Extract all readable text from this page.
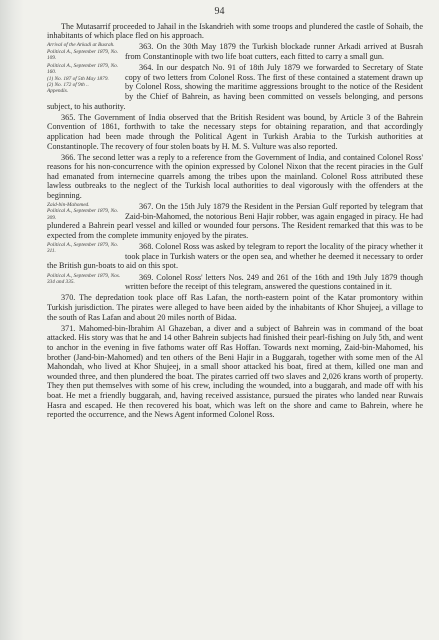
94

The Mutasarrif proceeded to Jahail in the Iskandrieh with some troops and plundered the castle of Sohaib, the inhabitants of which place fled on his approach.

Arrival of the Arkadi at Busrah.
Political A., September 1879, No. 109.

363. On the 30th May 1879 the Turkish blockade runner Arkadi arrived at Busrah from Constantinople with two life boat cutters, each fitted to carry a small gun.

Political A., September 1879, No. 160.
(1) No. 187 of 5th May 1879.
(2) No. 172 of 9th ..
Appendix.

364. In our despatch No. 91 of 18th July 1879 we forwarded to Secretary of State copy of two letters from Colonel Ross. The first of these contained a statement drawn up by Colonel Ross, showing the maritime aggressions brought to the notice of the Resident by the Chief of Bahrein, as having been committed on vessels belonging, and persons subject, to his authority.

365. The Government of India observed that the British Resident was bound, by Article 3 of the Bahrein Convention of 1861, forthwith to take the necessary steps for obtaining reparation, and that accordingly application had been made through the Political Agent in Turkish Arabia to the Turkish authorities at Constantinople. The recovery of four stolen boats by H. M. S. Vulture was also reported.

366. The second letter was a reply to a reference from the Government of India, and contained Colonel Ross' reasons for his non-concurrence with the opinion expressed by Colonel Nixon that the recent piracies in the Gulf had emanated from internecine quarrels among the tribes upon the mainland. Colonel Ross attributed these lawless outbreaks to the neglect of the Turkish local authorities to deal vigorously with the offenders at the beginning.

Zaid-bin-Mahomed.
Political A., September 1879, No. 309.

367. On the 15th July 1879 the Resident in the Persian Gulf reported by telegram that Zaid-bin-Mahomed, the notorious Beni Hajir robber, was again engaged in piracy. He had plundered a Bahrein pearl vessel and killed or wounded four persons. The Resident remarked that this was to be expected from the complete immunity enjoyed by the pirates.

Political A., September 1879, No. 311.

368. Colonel Ross was asked by telegram to report the locality of the piracy whether it took place in Turkish waters or the open sea, and whether he deemed it necessary to order the British gun-boats to aid on this spot.

Political A., September 1879, Nos. 334 and 335.

369. Colonel Ross' letters Nos. 249 and 261 of the 16th and 19th July 1879 though written before the receipt of this telegram, answered the questions contained in it.

370. The depredation took place off Ras Lafan, the north-eastern point of the Katar promontory within Turkish jurisdiction. The pirates were alleged to have been aided by the inhabitants of Khor Shujeej, a village to the south of Ras Lafan and about 20 miles north of Bidaa.

371. Mahomed-bin-Ibrahim Al Ghazeban, a diver and a subject of Bahrein was in command of the boat attacked. His story was that he and 14 other Bahrein subjects had finished their pearl-fishing on July 5th, and went to anchor in the evening in five fathoms water off Ras Hoffan. Towards next morning, Zaid-bin-Mahomed, his brother (Jand-bin-Mahomed) and ten others of the Beni Hajir in a Buggarah, together with some men of the Al Mahondah, who lived at Khor Shujeej, in a small shoor attacked his boat, fired at them, killed one man and wounded three, and then plundered the boat. The pirates carried off two slaves and 2,026 krans worth of property. They then put themselves with some of his crew, including the wounded, into a buggarah, and made off with his boat. He met a friendly buggarah, and, having received assistance, pursued the pirates who landed near Ruwais Hasra and escaped. He then recovered his boat, which was left on the shore and came to Bahrein, where he reported the occurrence, and the News Agent informed Colonel Ross.
